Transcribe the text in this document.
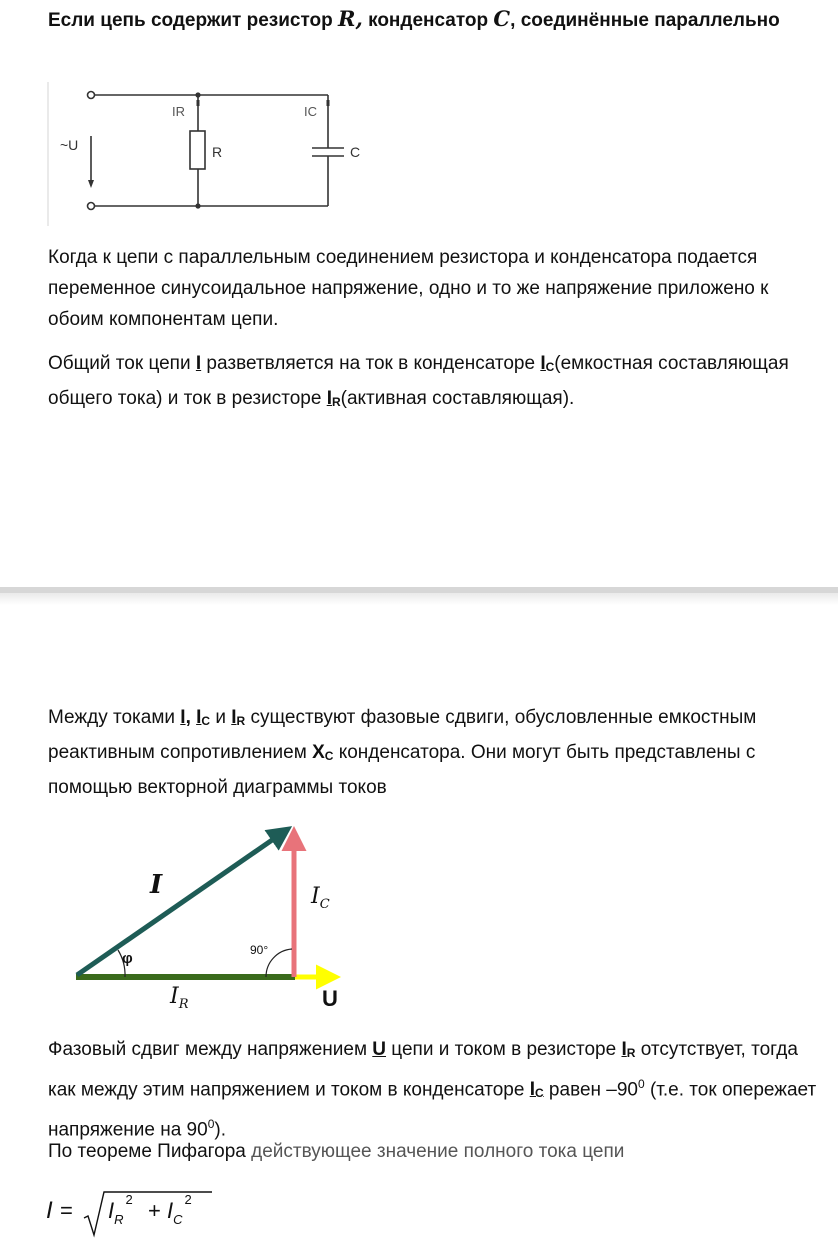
Если цепь содержит резистор R, конденсатор C, соединённые параллельно
~U
IR	IC
R	C
Когда к цепи с параллельным соединением резистора и конденсатора подается переменное синусоидальное напряжение, одно и то же напряжение приложено к обоим компонентам цепи.
Общий ток цепи I разветвляется на ток в конденсаторе $I_C(емкостная$ составляющая общего тока) и ток в резисторе $I_R(активная$ составляющая).
Между токами I, $I_C$ и $I_R$ существуют фазовые сдвиги, обусловленные емкостным реактивным сопротивлением $X_C$ конденсатора. Они могут быть представлены с помощью векторной диаграммы токов
I
φ	90°
$I_C$
$I_R$	U
Фазовый сдвиг между напряжением U цепи и током в резисторе $I_R$ отсутствует, тогда как между этим напряжением и током в конденсаторе $I_C$ равен $-90^0$ (т.е. ток опережает напряжение на $90^0$).
По теореме Пифагора действующее значение полного тока цепи
$I = I_R^2 + I_C^2$
